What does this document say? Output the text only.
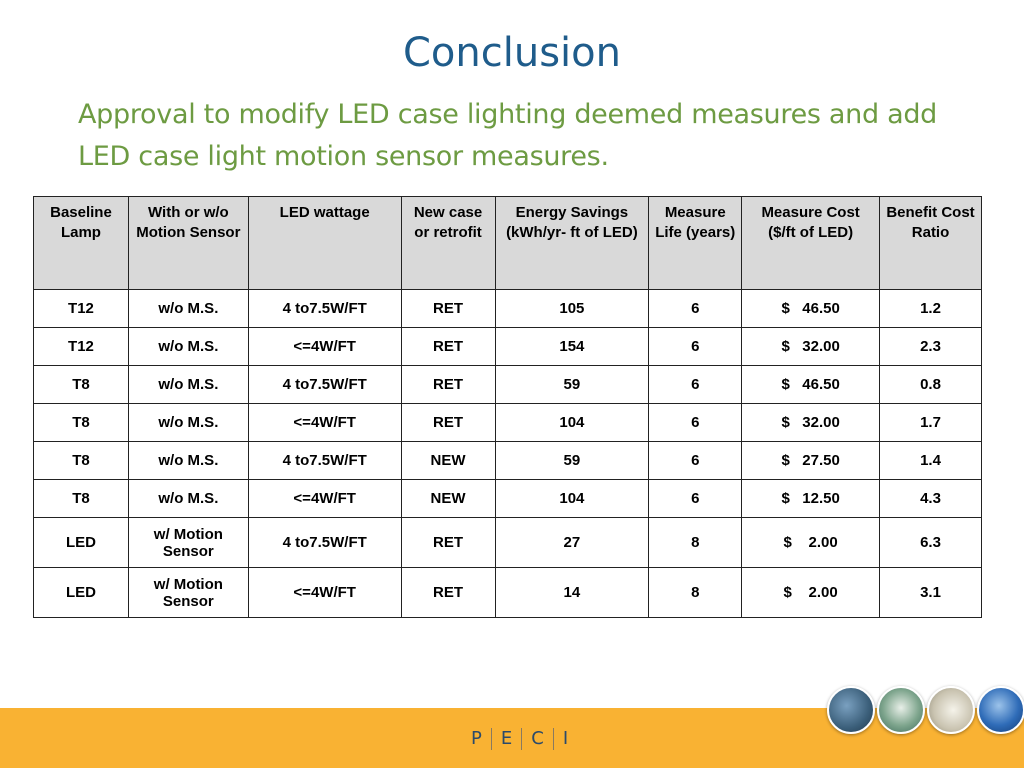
Conclusion

Approval to modify LED case lighting deemed measures and add LED case light motion sensor measures.

Baseline Lamp	With or w/o Motion Sensor	LED wattage	New case or retrofit	Energy Savings (kWh/yr- ft of LED)	Measure Life (years)	Measure Cost ($/ft of LED)	Benefit Cost Ratio
T12	w/o M.S.	4 to7.5W/FT	RET	105	6	$   46.50	1.2
T12	w/o M.S.	<=4W/FT	RET	154	6	$   32.00	2.3
T8	w/o M.S.	4 to7.5W/FT	RET	59	6	$   46.50	0.8
T8	w/o M.S.	<=4W/FT	RET	104	6	$   32.00	1.7
T8	w/o M.S.	4 to7.5W/FT	NEW	59	6	$   27.50	1.4
T8	w/o M.S.	<=4W/FT	NEW	104	6	$   12.50	4.3
LED	w/ Motion Sensor	4 to7.5W/FT	RET	27	8	$    2.00	6.3
LED	w/ Motion Sensor	<=4W/FT	RET	14	8	$    2.00	3.1
P E C I
